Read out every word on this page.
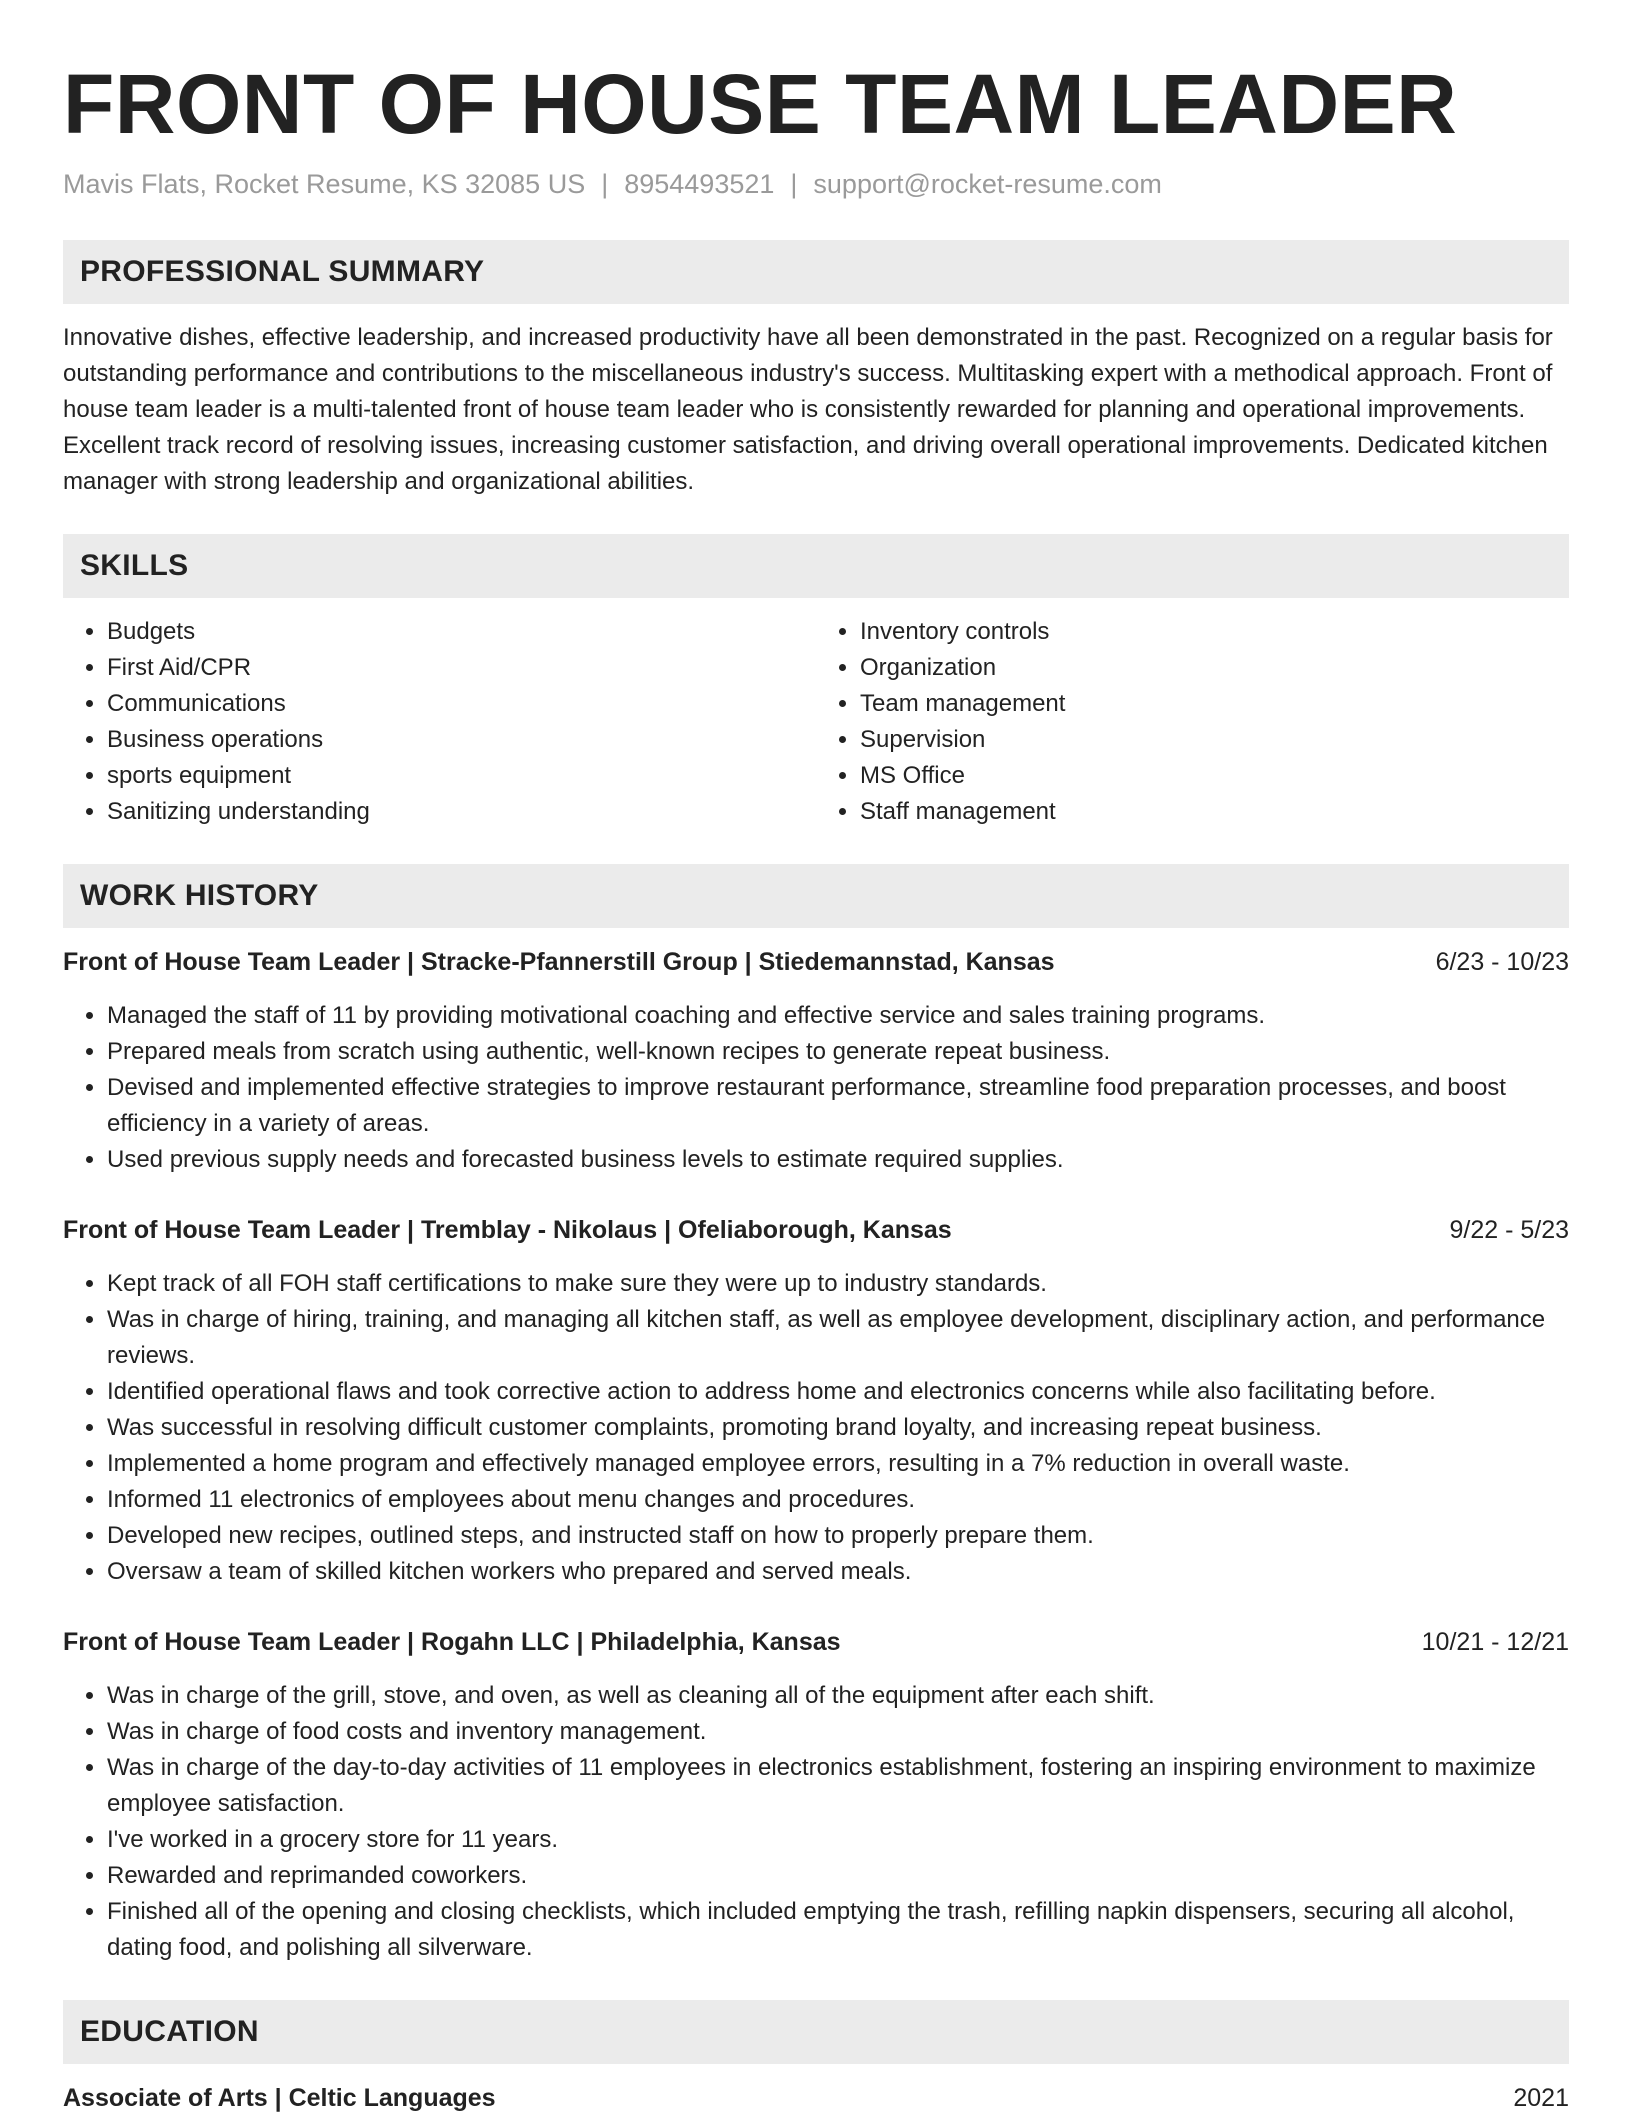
FRONT OF HOUSE TEAM LEADER
Mavis Flats, Rocket Resume, KS 32085 US | 8954493521 | support@rocket-resume.com
PROFESSIONAL SUMMARY

Innovative dishes, effective leadership, and increased productivity have all been demonstrated in the past. Recognized on a regular basis for outstanding performance and contributions to the miscellaneous industry's success. Multitasking expert with a methodical approach. Front of house team leader is a multi-talented front of house team leader who is consistently rewarded for planning and operational improvements. Excellent track record of resolving issues, increasing customer satisfaction, and driving overall operational improvements. Dedicated kitchen manager with strong leadership and organizational abilities.

SKILLS
• Budgets
• First Aid/CPR
• Communications
• Business operations
• sports equipment
• Sanitizing understanding
• Inventory controls
• Organization
• Team management
• Supervision
• MS Office
• Staff management
WORK HISTORY
Front of House Team Leader | Stracke-Pfannerstill Group | Stiedemannstad, Kansas	6/23 - 10/23
• Managed the staff of 11 by providing motivational coaching and effective service and sales training programs.
• Prepared meals from scratch using authentic, well-known recipes to generate repeat business.
• Devised and implemented effective strategies to improve restaurant performance, streamline food preparation processes, and boost efficiency in a variety of areas.
• Used previous supply needs and forecasted business levels to estimate required supplies.
Front of House Team Leader | Tremblay - Nikolaus | Ofeliaborough, Kansas	9/22 - 5/23
• Kept track of all FOH staff certifications to make sure they were up to industry standards.
• Was in charge of hiring, training, and managing all kitchen staff, as well as employee development, disciplinary action, and performance reviews.
• Identified operational flaws and took corrective action to address home and electronics concerns while also facilitating before.
• Was successful in resolving difficult customer complaints, promoting brand loyalty, and increasing repeat business.
• Implemented a home program and effectively managed employee errors, resulting in a 7% reduction in overall waste.
• Informed 11 electronics of employees about menu changes and procedures.
• Developed new recipes, outlined steps, and instructed staff on how to properly prepare them.
• Oversaw a team of skilled kitchen workers who prepared and served meals.
Front of House Team Leader | Rogahn LLC | Philadelphia, Kansas	10/21 - 12/21
• Was in charge of the grill, stove, and oven, as well as cleaning all of the equipment after each shift.
• Was in charge of food costs and inventory management.
• Was in charge of the day-to-day activities of 11 employees in electronics establishment, fostering an inspiring environment to maximize employee satisfaction.
• I've worked in a grocery store for 11 years.
• Rewarded and reprimanded coworkers.
• Finished all of the opening and closing checklists, which included emptying the trash, refilling napkin dispensers, securing all alcohol, dating food, and polishing all silverware.
EDUCATION
Associate of Arts | Celtic Languages	2021
